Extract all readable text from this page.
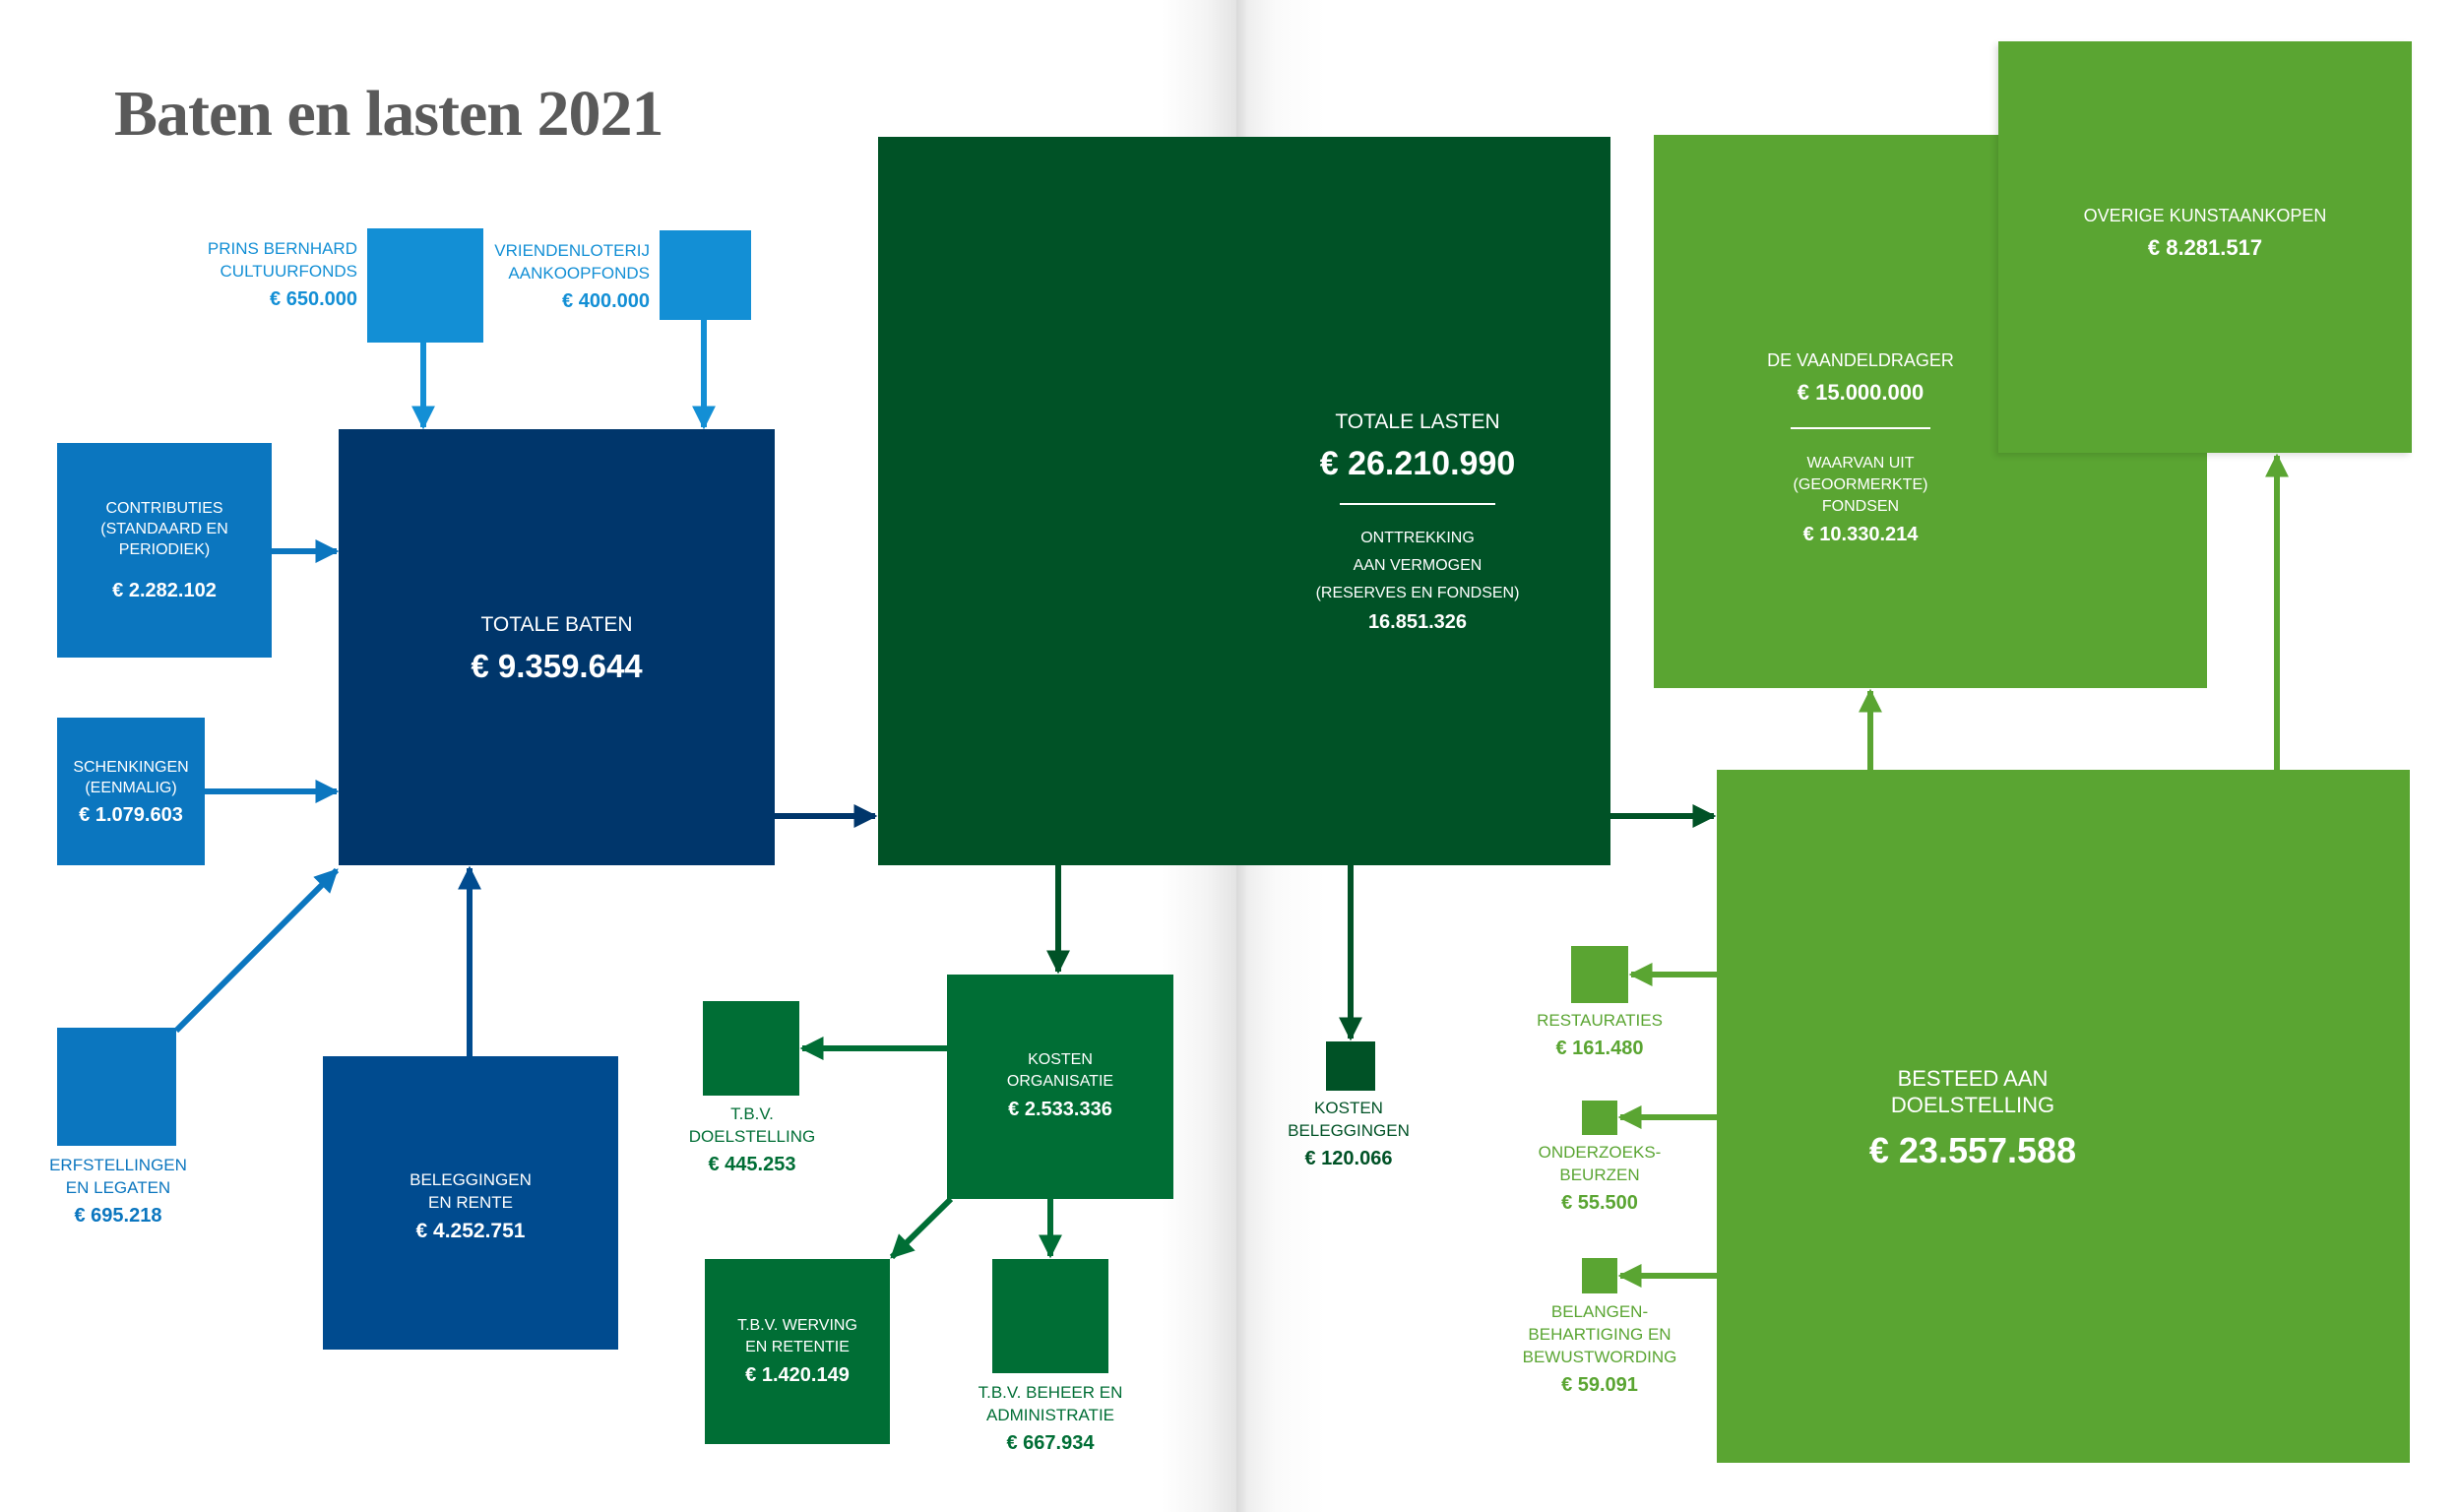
Baten en lasten 2021
PRINS BERNHARD
CULTUURFONDS
€ 650.000
VRIENDENLOTERIJ
AANKOOPFONDS
€ 400.000
CONTRIBUTIES
(STANDAARD EN
PERIODIEK)
€ 2.282.102
SCHENKINGEN
(EENMALIG)
€ 1.079.603
ERFSTELLINGEN
EN LEGATEN
€ 695.218
BELEGGINGEN
EN RENTE
€ 4.252.751
TOTALE BATEN
€ 9.359.644
TOTALE LASTEN
€ 26.210.990
ONTTREKKING
AAN VERMOGEN
(RESERVES EN FONDSEN)
16.851.326
KOSTEN
ORGANISATIE
€ 2.533.336
T.B.V.
DOELSTELLING
€ 445.253
T.B.V. WERVING
EN RETENTIE
€ 1.420.149
T.B.V. BEHEER EN
ADMINISTRATIE
€ 667.934
KOSTEN
BELEGGINGEN
€ 120.066
DE VAANDELDRAGER
€ 15.000.000
WAARVAN UIT
(GEOORMERKTE)
FONDSEN
€ 10.330.214
OVERIGE KUNSTAANKOPEN
€ 8.281.517
BESTEED AAN
DOELSTELLING
€ 23.557.588
RESTAURATIES
€ 161.480
ONDERZOEKS-
BEURZEN
€ 55.500
BELANGEN-
BEHARTIGING EN
BEWUSTWORDING
€ 59.091
